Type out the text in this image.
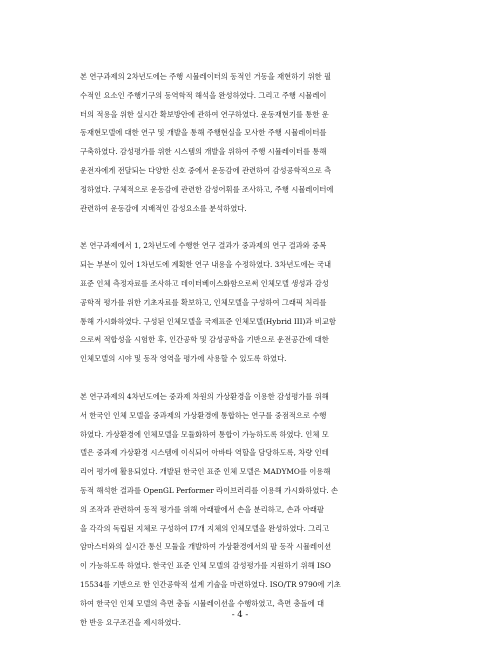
본 연구과제의 2차년도에는 주행 시뮬레이터의 동적인 거동을 재현하기 위한 필
수적인 요소인 주행기구의 동역학적 해석을 완성하였다. 그리고 주행 시뮬레이
터의 적용을 위한 실시간 확보방안에 관하여 연구하였다. 운동재현기를 통한 운
동재현모델에 대한 연구 및 개발을 통해 주행현실을 모사한 주행 시뮬레이터를
구축하였다. 감성평가를 위한 시스템의 개발을 위하여 주행 시뮬레이터를 통해
운전자에게 전달되는 다양한 신호 중에서 운동감에 관련하여 감성공학적으로 측
정하였다. 구체적으로 운동감에 관련한 감성어휘를 조사하고, 주행 시뮬레이터에
관련하여 운동감에 지배적인 감성요소를 분석하였다.

본 연구과제에서 1, 2차년도에 수행한 연구 결과가 중과제의 연구 결과와 중복
되는 부분이 있어 1차년도에 계획한 연구 내용을 수정하였다. 3차년도에는 국내
표준 인체 측정자료를 조사하고 데이터베이스화함으로써 인체모델 생성과 감성
공학적 평가를 위한 기초자료를 확보하고, 인체모델을 구성하여 그래픽 처리를
통해 가시화하였다. 구성된 인체모델을 국제표준 인체모델(Hybrid III)과 비교함
으로써 적합성을 시험한 후, 인간공학 및 감성공학을 기반으로 운전공간에 대한
인체모델의 시야 및 동작 영역을 평가에 사용할 수 있도록 하였다.

본 연구과제의 4차년도에는 중과제 차원의 가상환경을 이용한 감성평가를 위해
서 한국인 인체 모델을 중과제의 가상환경에 통합하는 연구를 중점적으로 수행
하였다. 가상환경에 인체모델을 모듈화하여 통합이 가능하도록 하였다. 인체 모
델은 중과제 가상환경 시스템에 이식되어 아바타 역할을 담당하도록, 차량 인테
리어 평가에 활용되었다. 개발된 한국인 표준 인체 모델은 MADYMO를 이용해
동적 해석한 결과를 OpenGL Performer 라이브러리를 이용해 가시화하였다. 손
의 조작과 관련하여 동적 평가를 위해 아래팔에서 손을 분리하고, 손과 아래팔
을 각각의 독립된 지체로 구성하여 Ⅰ7개 지체의 인체모델을 완성하였다. 그리고
암마스터와의 실시간 통신 모듈을 개발하여 가상환경에서의 팔 동작 시뮬레이션
이 가능하도록 하였다. 한국인 표준 인체 모델의 감성평가를 지원하기 위해 ISO
15534를 기반으로 한 인간공학적 설계 기술을 마련하였다. ISO/TR 9790에 기초
하여 한국인 인체 모델의 측면 충돌 시뮬레이션을 수행하였고, 측면 충돌에 대
한 반응 요구조건을 제시하였다.

- 4 -
